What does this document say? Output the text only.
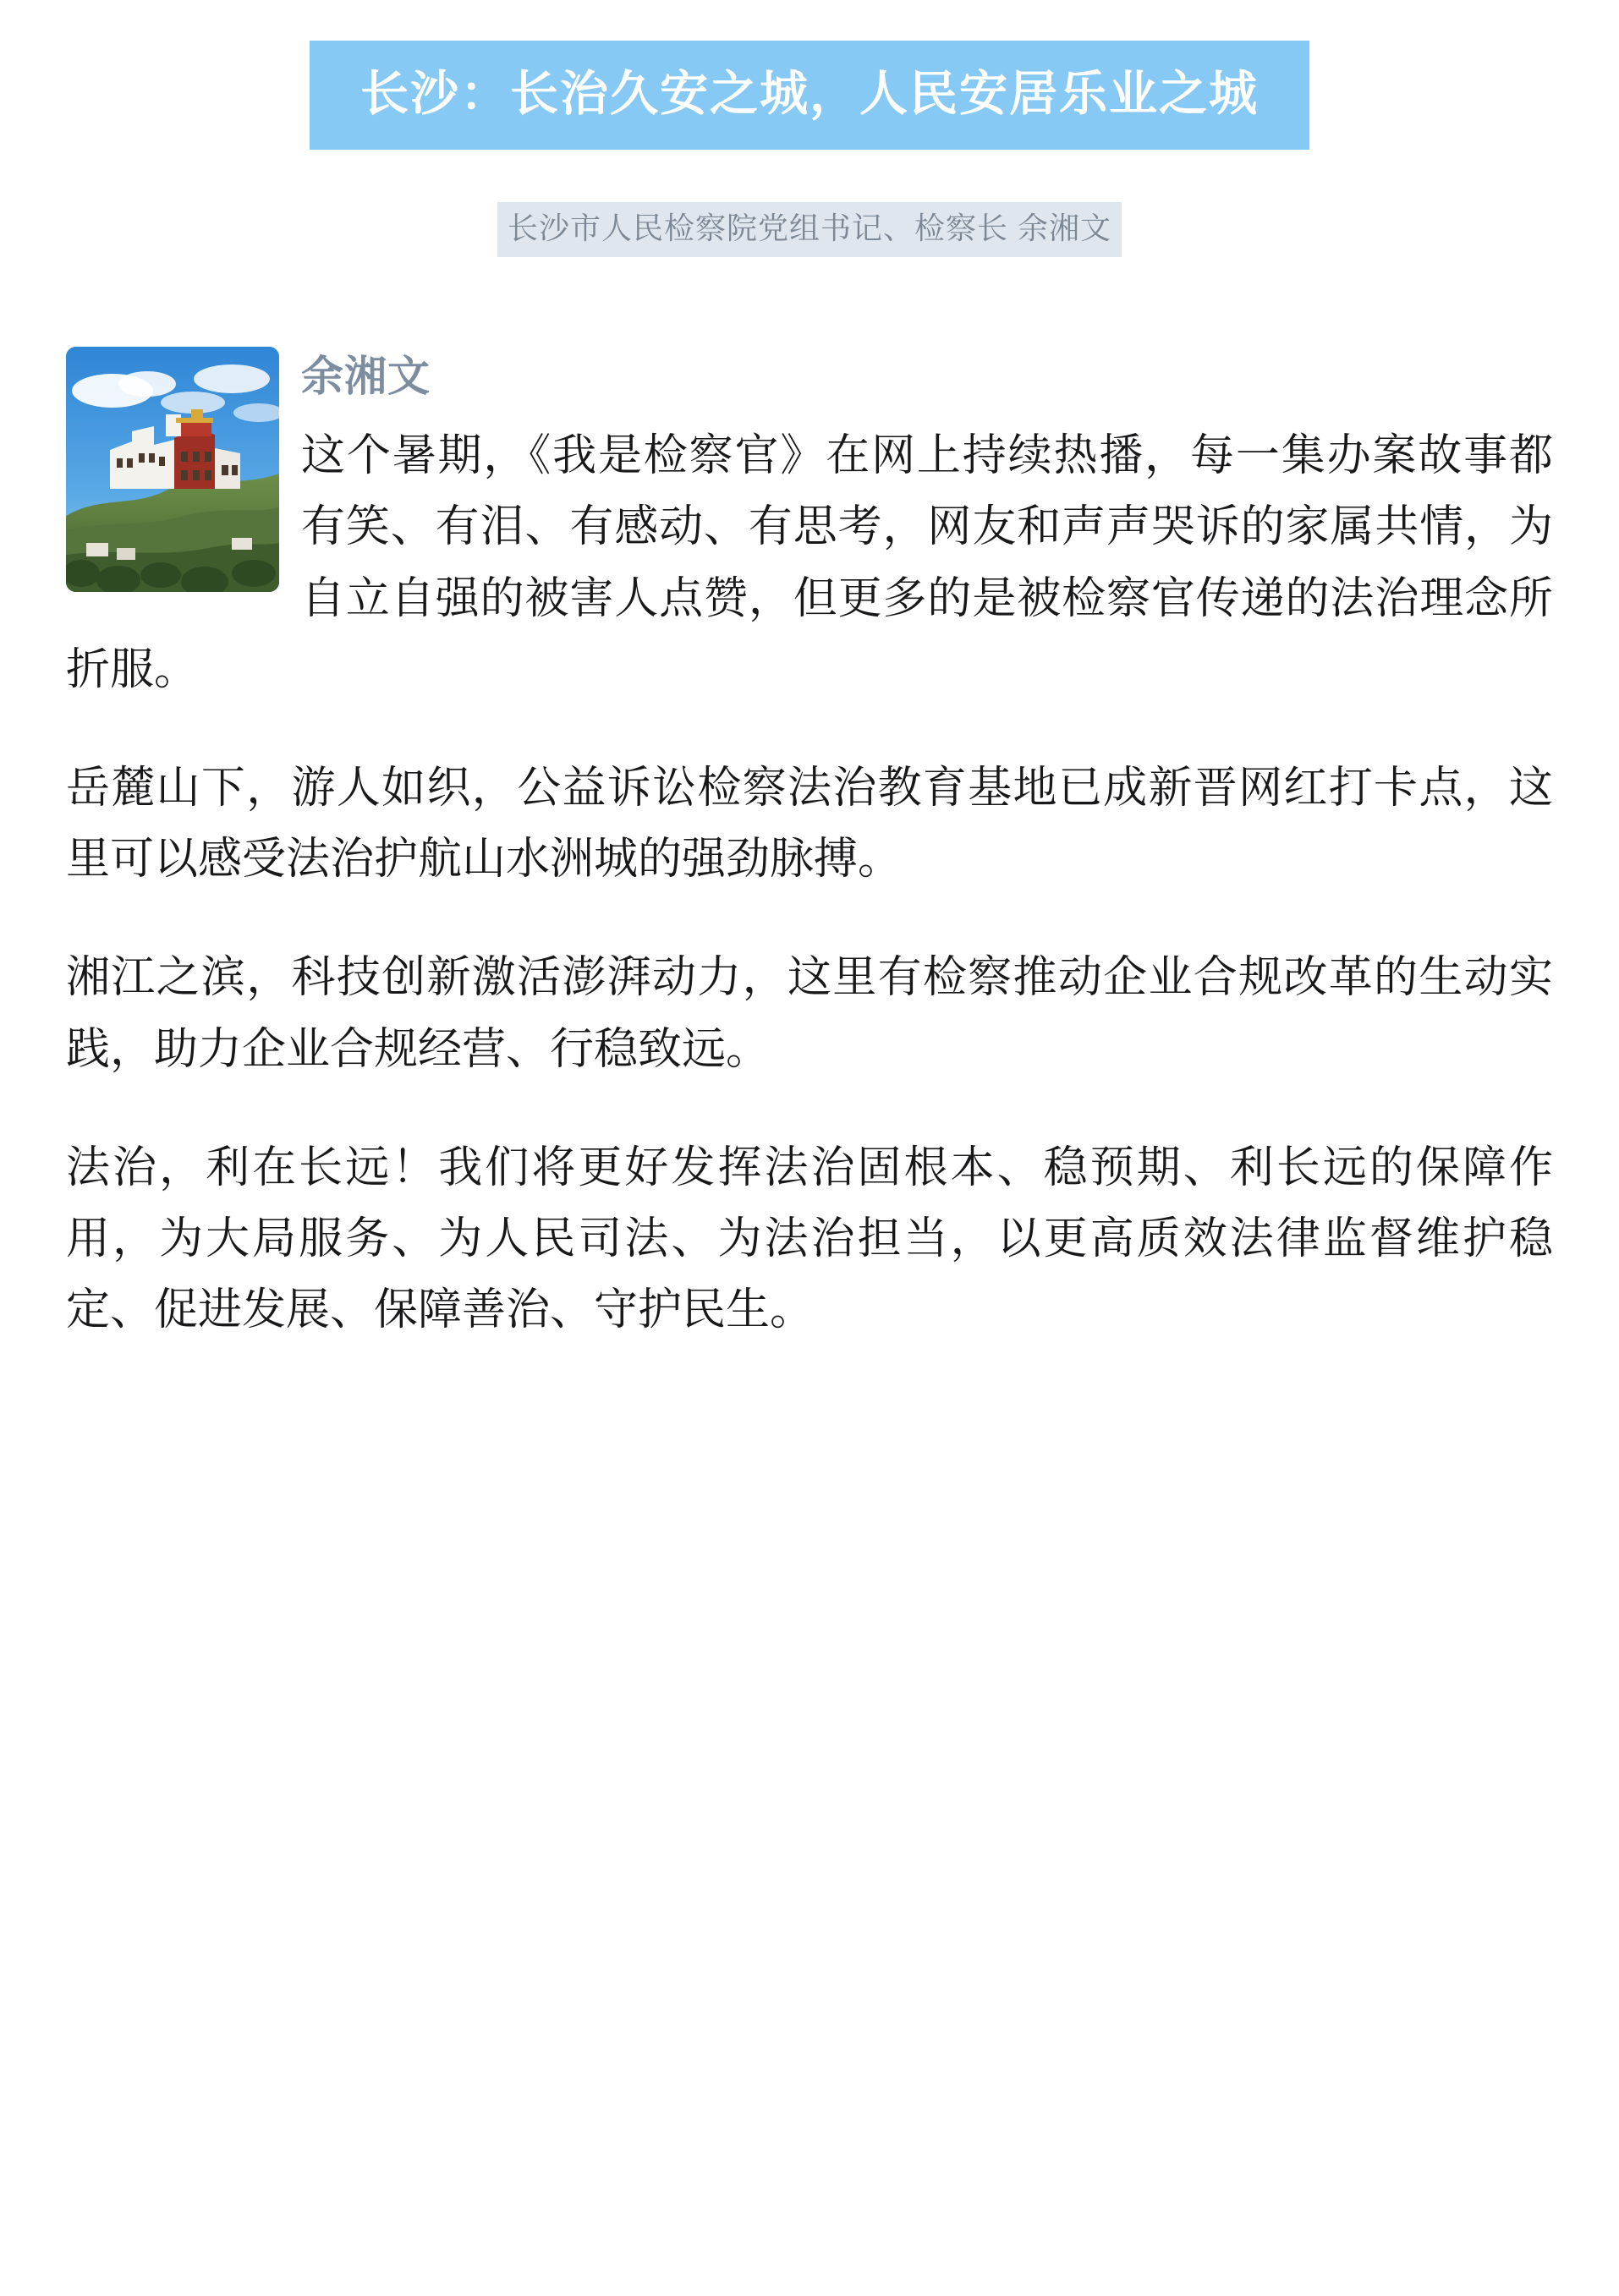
长沙：长治久安之城，人民安居乐业之城
长沙市人民检察院党组书记、检察长 余湘文
余湘文

这个暑期，《我是检察官》在网上持续热播，每一集办案故事都有笑、有泪、有感动、有思考，网友和声声哭诉的家属共情，为自立自强的被害人点赞，但更多的是被检察官传递的法治理念所折服。

岳麓山下，游人如织，公益诉讼检察法治教育基地已成新晋网红打卡点，这里可以感受法治护航山水洲城的强劲脉搏。

湘江之滨，科技创新激活澎湃动力，这里有检察推动企业合规改革的生动实践，助力企业合规经营、行稳致远。

法治，利在长远！我们将更好发挥法治固根本、稳预期、利长远的保障作用，为大局服务、为人民司法、为法治担当，以更高质效法律监督维护稳定、促进发展、保障善治、守护民生。
